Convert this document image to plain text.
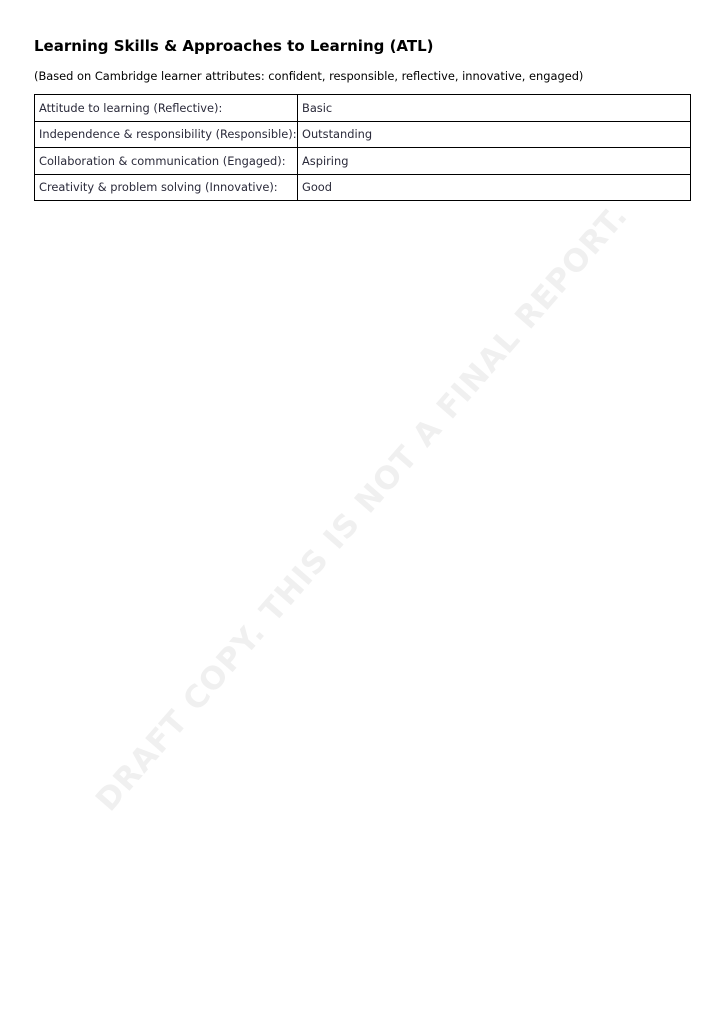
DRAFT COPY. THIS IS NOT A FINAL REPORT.
Learning Skills & Approaches to Learning (ATL)

(Based on Cambridge learner attributes: confident, responsible, reflective, innovative, engaged)

Attitude to learning (Reflective):	Basic
Independence & responsibility (Responsible):	Outstanding
Collaboration & communication (Engaged):	Aspiring
Creativity & problem solving (Innovative):	Good
